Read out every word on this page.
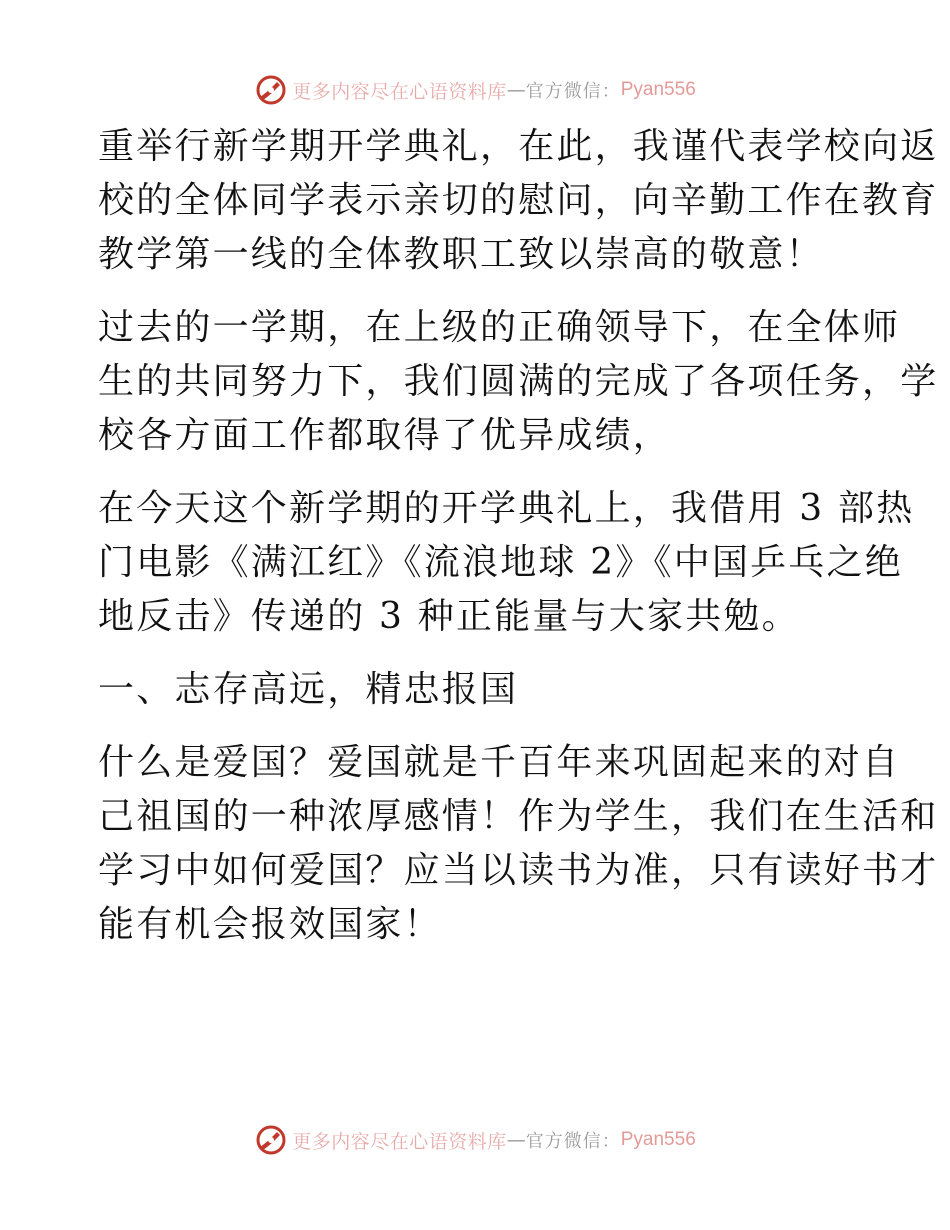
更多内容尽在心语资料库 — 官方微信： Pyan556

重举行新学期开学典礼，在此，我谨代表学校向返
校的全体同学表示亲切的慰问，向辛勤工作在教育
教学第一线的全体教职工致以崇高的敬意！

过去的一学期，在上级的正确领导下，在全体师
生的共同努力下，我们圆满的完成了各项任务，学
校各方面工作都取得了优异成绩，

在今天这个新学期的开学典礼上，我借用 3 部热
门电影《满江红》《流浪地球 2》《中国乒乓之绝
地反击》传递的 3 种正能量与大家共勉。

一、志存高远，精忠报国

什么是爱国？爱国就是千百年来巩固起来的对自
己祖国的一种浓厚感情！作为学生，我们在生活和
学习中如何爱国？应当以读书为准，只有读好书才
能有机会报效国家！

更多内容尽在心语资料库 — 官方微信： Pyan556
